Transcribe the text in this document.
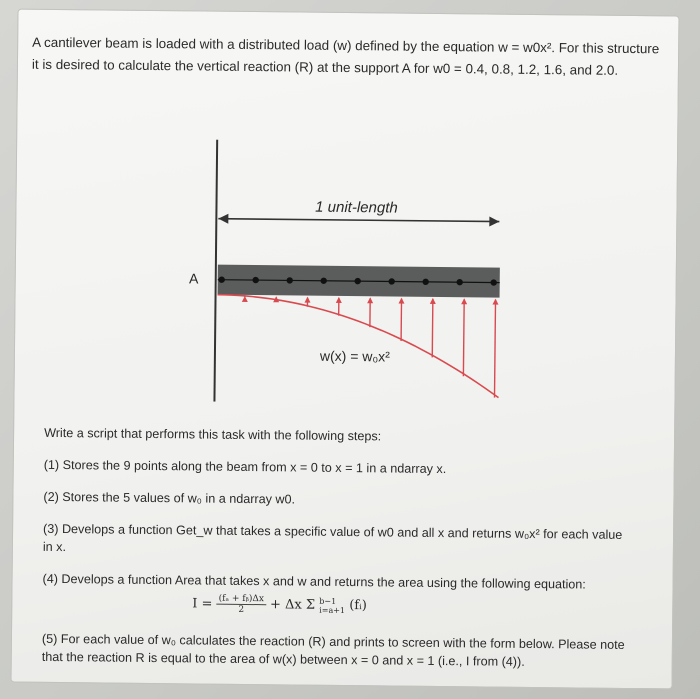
A cantilever beam is loaded with a distributed load (w) defined by the equation w = w0x². For this structure it is desired to calculate the vertical reaction (R) at the support A for w0 = 0.4, 0.8, 1.2, 1.6, and 2.0.
1 unit-length
A
w(x) = w₀x²
Write a script that performs this task with the following steps:
(1) Stores the 9 points along the beam from x = 0 to x = 1 in a ndarray x.
(2) Stores the 5 values of w₀ in a ndarray w0.
(3) Develops a function Get_w that takes a specific value of w0 and all x and returns w₀x² for each value in x.
(4) Develops a function Area that takes x and w and returns the area using the following equation:
(5) For each value of w₀ calculates the reaction (R) and prints to screen with the form below. Please note that the reaction R is equal to the area of w(x) between x = 0 and x = 1 (i.e., I from (4)).
$I = \frac{\text{(fₐ + fᵦ)Δx}}{2} + \Delta x$ Σ b−1
i=a+1 (fᵢ)
